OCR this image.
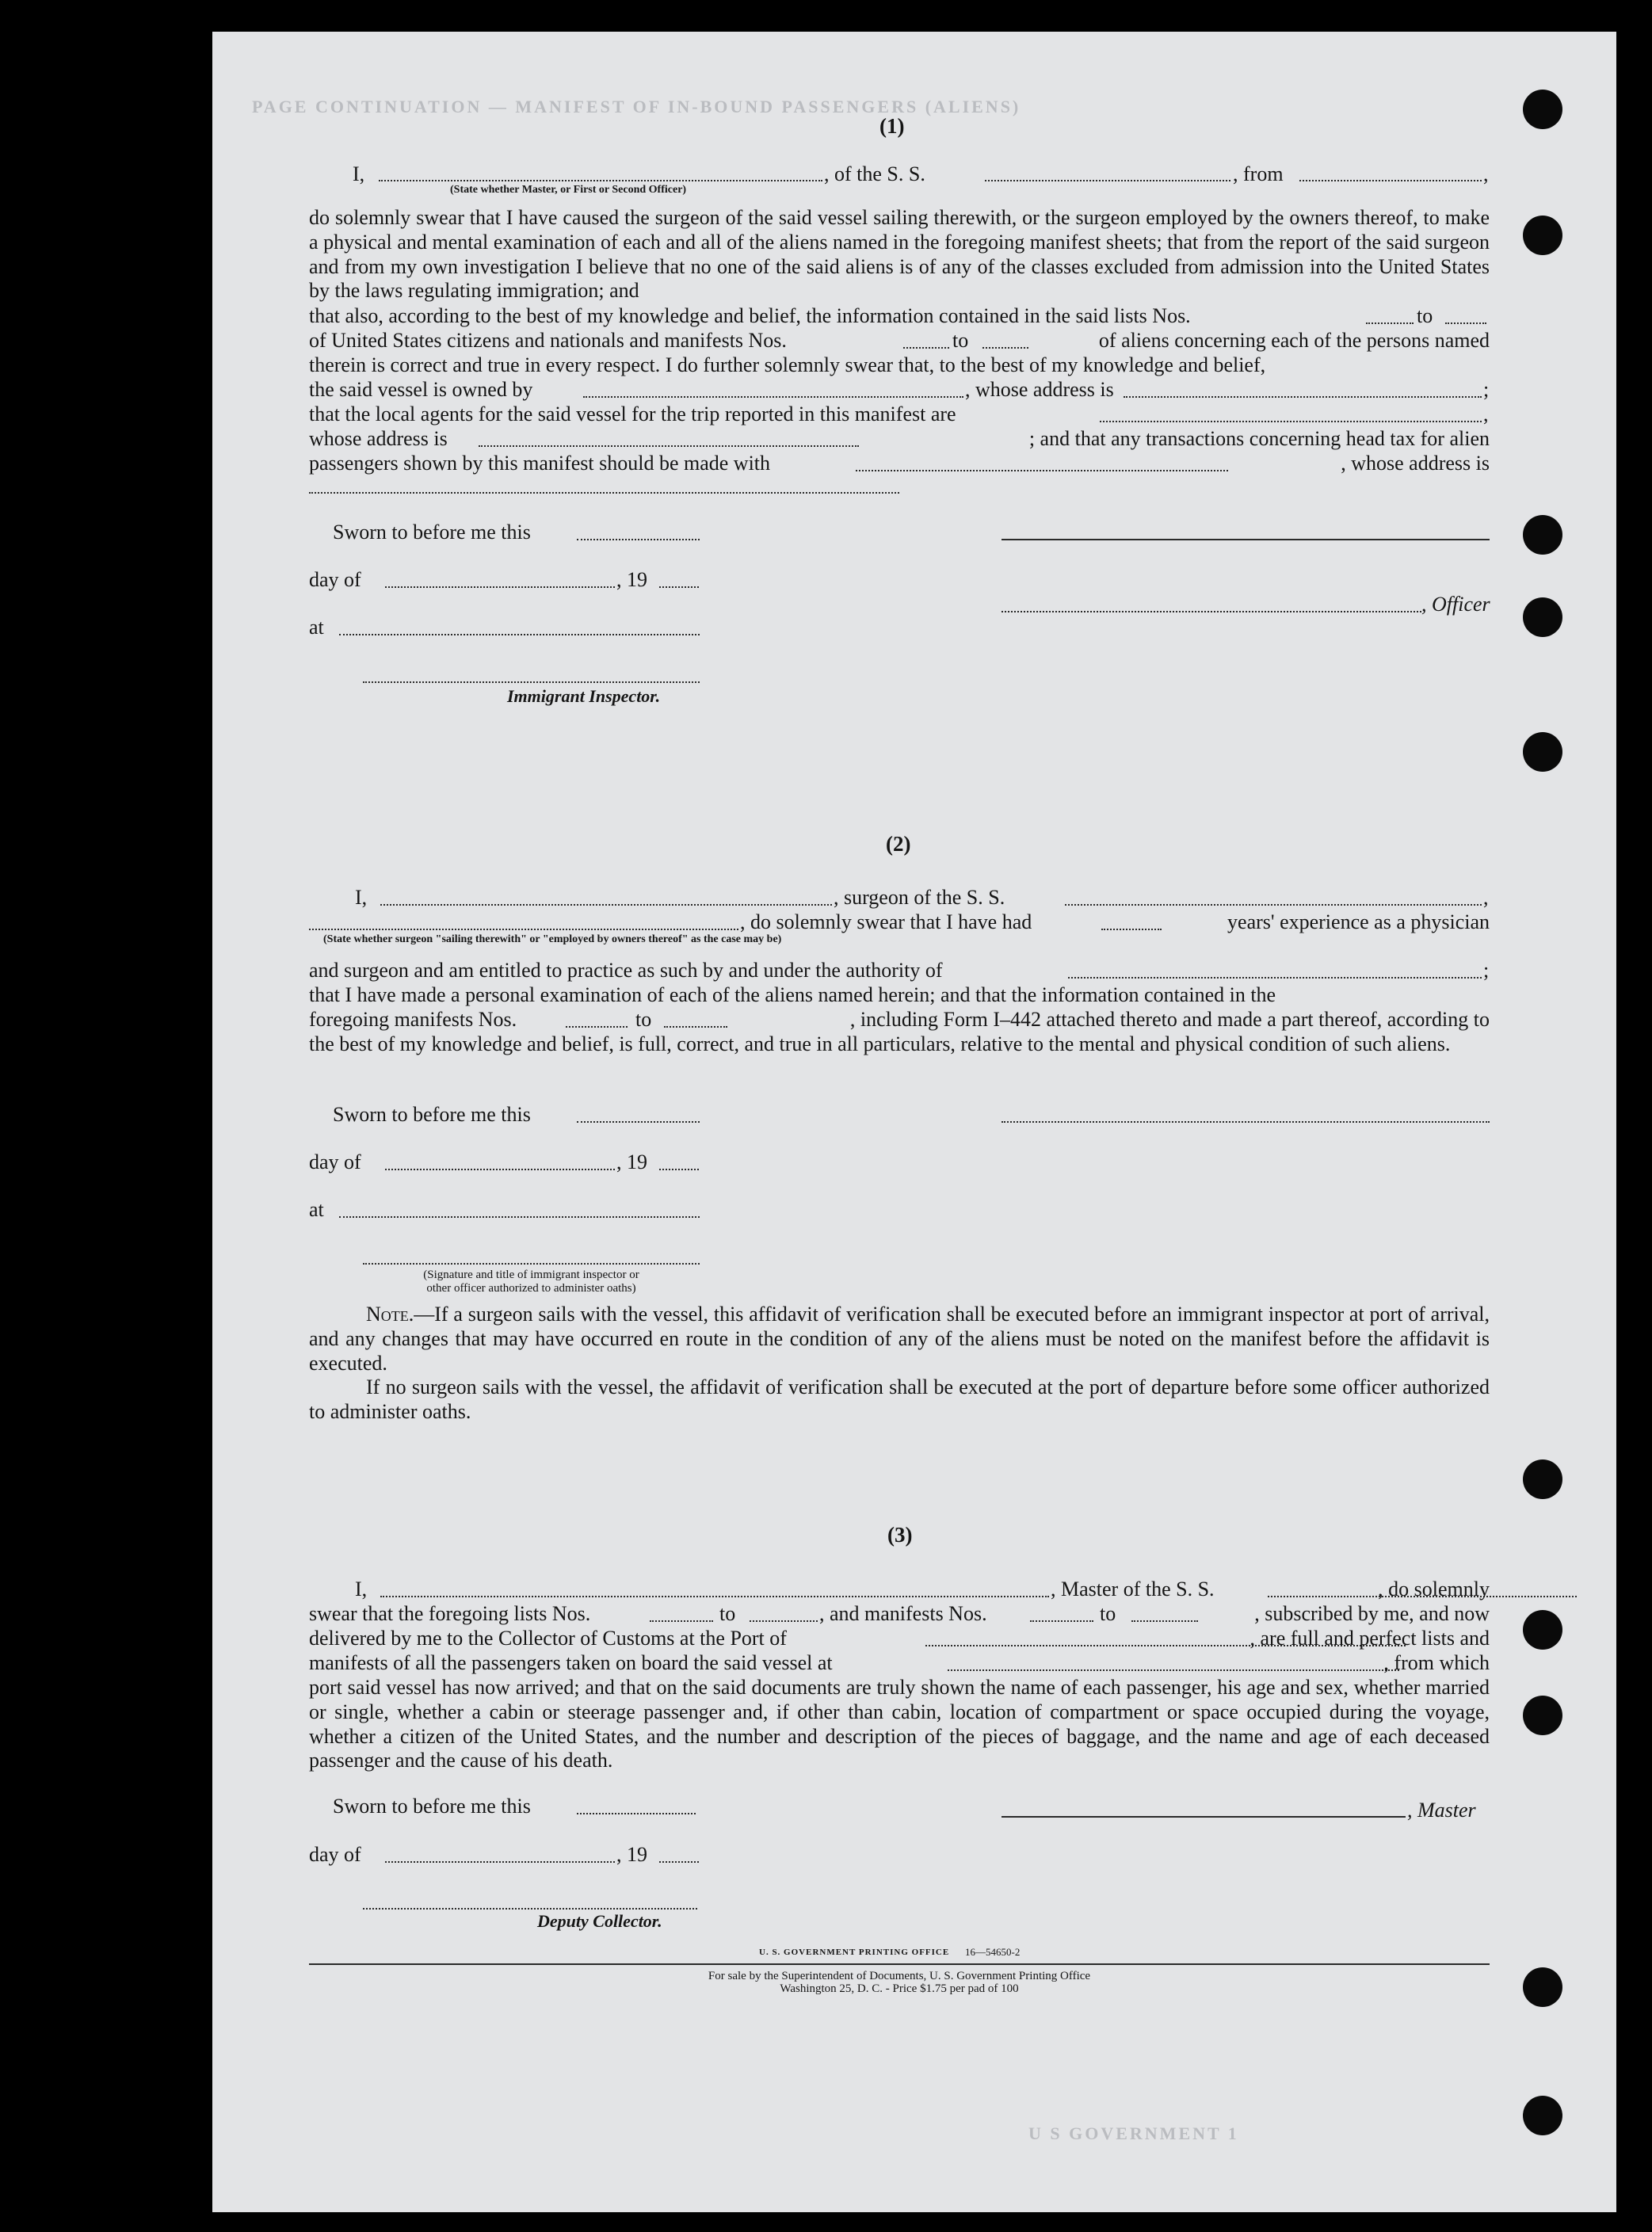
PAGE CONTINUATION — MANIFEST OF IN-BOUND PASSENGERS (ALIENS)
U S GOVERNMENT 1
(1)
I,	, of the S. S.	, from	,
(State whether Master, or First or Second Officer)

do solemnly swear that I have caused the surgeon of the said vessel sailing therewith, or the surgeon employed by the owners thereof, to make a physical and mental examination of each and all of the aliens named in the foregoing manifest sheets; that from the report of the said surgeon and from my own investigation I believe that no one of the said aliens is of any of the classes excluded from admission into the United States by the laws regulating immigration; and

that also, according to the best of my knowledge and belief, the information contained in the said lists Nos.	to
of United States citizens and nationals and manifests Nos.	to	of aliens concerning each of the persons named

therein is correct and true in every respect. I do further solemnly swear that, to the best of my knowledge and belief,

the said vessel is owned by	, whose address is	;
that the local agents for the said vessel for the trip reported in this manifest are	,
whose address is	; and that any transactions concerning head tax for alien
passengers shown by this manifest should be made with	, whose address is
Sworn to before me this
day of	, 19
, Officer
at
Immigrant Inspector.
(2)
I,	, surgeon of the S. S.	,
, do solemnly swear that I have had	years' experience as a physician
(State whether surgeon "sailing therewith" or "employed by owners thereof" as the case may be)
and surgeon and am entitled to practice as such by and under the authority of	;

that I have made a personal examination of each of the aliens named herein; and that the information contained in the

foregoing manifests Nos.	to	, including Form I–442 attached thereto and made a part thereof, according to

the best of my knowledge and belief, is full, correct, and true in all particulars, relative to the mental and physical condition of such aliens.

Sworn to before me this
day of	, 19
at
(Signature and title of immigrant inspector or
other officer authorized to administer oaths)

Note.—If a surgeon sails with the vessel, this affidavit of verification shall be executed before an immigrant inspector at port of arrival, and any changes that may have occurred en route in the condition of any of the aliens must be noted on the manifest before the affidavit is executed.

If no surgeon sails with the vessel, the affidavit of verification shall be executed at the port of departure before some officer authorized to administer oaths.

(3)
I,	, Master of the S. S.	, do solemnly
swear that the foregoing lists Nos.	to	, and manifests Nos.	to	, subscribed by me, and now
delivered by me to the Collector of Customs at the Port of	, are full and perfect lists and
manifests of all the passengers taken on board the said vessel at	, from which

port said vessel has now arrived; and that on the said documents are truly shown the name of each passenger, his age and sex, whether married or single, whether a cabin or steerage passenger and, if other than cabin, location of compartment or space occupied during the voyage, whether a citizen of the United States, and the number and description of the pieces of baggage, and the name and age of each deceased passenger and the cause of his death.

Sworn to before me this	, Master
day of	, 19
Deputy Collector.
U. S. GOVERNMENT PRINTING OFFICE 16—54650-2
For sale by the Superintendent of Documents, U. S. Government Printing Office
Washington 25, D. C. - Price $1.75 per pad of 100
